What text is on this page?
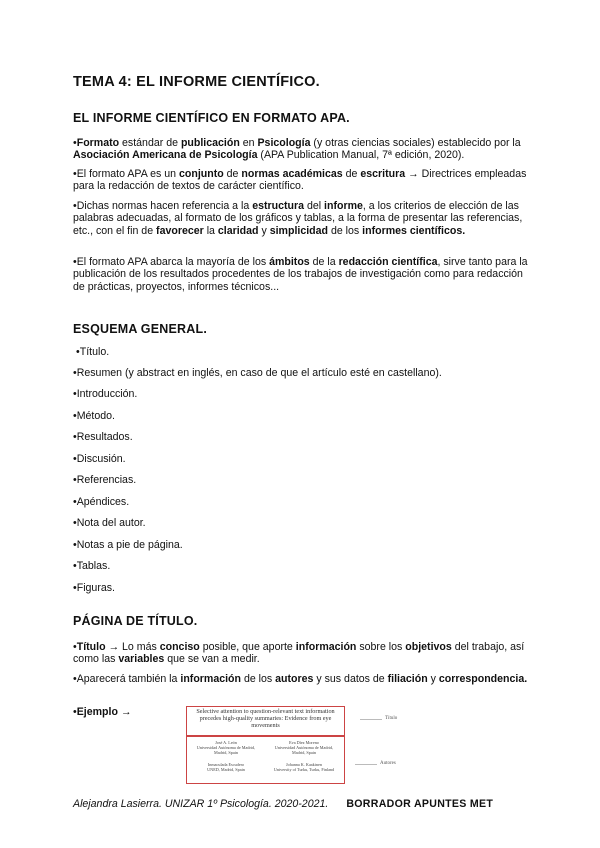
TEMA 4: EL INFORME CIENTÍFICO.
EL INFORME CIENTÍFICO EN FORMATO APA.
•Formato estándar de publicación en Psicología (y otras ciencias sociales) establecido por la Asociación Americana de Psicología (APA Publication Manual, 7ª edición, 2020).
•El formato APA es un conjunto de normas académicas de escritura → Directrices empleadas para la redacción de textos de carácter científico.
•Dichas normas hacen referencia a la estructura del informe, a los criterios de elección de las palabras adecuadas, al formato de los gráficos y tablas, a la forma de presentar las referencias, etc., con el fin de favorecer la claridad y simplicidad de los informes científicos.
•El formato APA abarca la mayoría de los ámbitos de la redacción científica, sirve tanto para la publicación de los resultados procedentes de los trabajos de investigación como para redacción de prácticas, proyectos, informes técnicos...
ESQUEMA GENERAL.
•Título.
•Resumen (y abstract en inglés, en caso de que el artículo esté en castellano).
•Introducción.
•Método.
•Resultados.
•Discusión.
•Referencias.
•Apéndices.
•Nota del autor.
•Notas a pie de página.
•Tablas.
•Figuras.
PÁGINA DE TÍTULO.
•Título → Lo más conciso posible, que aporte información sobre los objetivos del trabajo, así como las variables que se van a medir.
•Aparecerá también la información de los autores y sus datos de filiación y correspondencia.
•Ejemplo →	Selective attention to question-relevant text information precedes high-quality summaries: Evidence from eye movements
José A. León
Universidad Autónoma de Madrid, Madrid, Spain
Eva Díez Moreno
Universidad Autónoma de Madrid, Madrid, Spain
Inmaculada Escudero
UNED, Madrid, Spain
Johanna K. Kaakinen
University of Turku, Turku, Finland
Título
Autores
Alejandra Lasierra. UNIZAR 1º Psicología. 2020-2021. BORRADOR APUNTES MET
